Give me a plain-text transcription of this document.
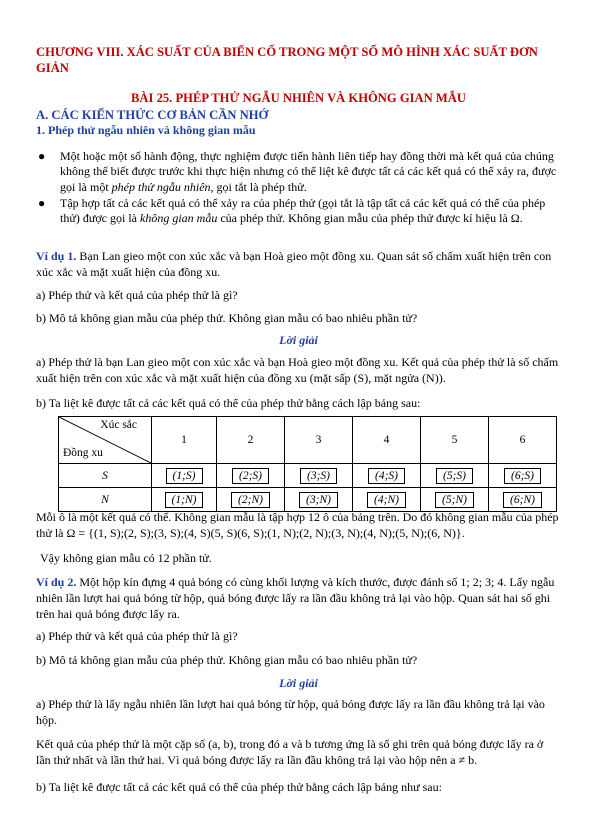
CHƯƠNG VIII. XÁC SUẤT CỦA BIẾN CỐ TRONG MỘT SỐ MÔ HÌNH XÁC SUẤT ĐƠN GIẢN

BÀI 25. PHÉP THỬ NGẪU NHIÊN VÀ KHÔNG GIAN MẪU

A. CÁC KIẾN THỨC CƠ BẢN CẦN NHỚ

1. Phép thử ngẫu nhiên và không gian mẫu

● Một hoặc một số hành động, thực nghiệm được tiến hành liên tiếp hay đồng thời mà kết quả của chúng không thể biết được trước khi thực hiện nhưng có thể liệt kê được tất cả các kết quả có thể xảy ra, được gọi là một phép thử ngẫu nhiên, gọi tắt là phép thử.
● Tập hợp tất cả các kết quả có thể xảy ra của phép thử (gọi tắt là tập tất cả các kết quả có thể của phép thử) được gọi là không gian mẫu của phép thử. Không gian mẫu của phép thử được kí hiệu là Ω.

Ví dụ 1. Bạn Lan gieo một con xúc xắc và bạn Hoà gieo một đồng xu. Quan sát số chấm xuất hiện trên con xúc xắc và mặt xuất hiện của đồng xu.

a) Phép thử và kết quả của phép thử là gì?

b) Mô tả không gian mẫu của phép thử. Không gian mẫu có bao nhiêu phần tử?

Lời giải

a) Phép thử là bạn Lan gieo một con xúc xắc và bạn Hoà gieo một đồng xu. Kết quả của phép thử là số chấm xuất hiện trên con xúc xắc và mặt xuất hiện của đồng xu (mặt sấp (S), mặt ngửa (N)).

b) Ta liệt kê được tất cả các kết quả có thể của phép thử bằng cách lập bảng sau:

Xúc sắc
Đồng xu	1	2	3	4	5	6
S	(1;S)	(2;S)	(3;S)	(4;S)	(5;S)	(6;S)
N	(1;N)	(2;N)	(3;N)	(4;N)	(5;N)	(6;N)

Mỗi ô là một kết quả có thể. Không gian mẫu là tập hợp 12 ô của bảng trên. Do đó không gian mẫu của phép thử là Ω = {(1, S);(2, S);(3, S);(4, S)(5, S)(6, S);(1, N);(2, N);(3, N);(4, N);(5, N);(6, N)}.

Vậy không gian mẫu có 12 phần tử.

Ví dụ 2. Một hộp kín đựng 4 quả bóng có cùng khối lượng và kích thước, được đánh số 1; 2; 3; 4. Lấy ngẫu nhiên lần lượt hai quả bóng từ hộp, quả bóng được lấy ra lần đầu không trả lại vào hộp. Quan sát hai số ghi trên hai quả bóng được lấy ra.

a) Phép thử và kết quả của phép thử là gì?

b) Mô tả không gian mẫu của phép thử. Không gian mẫu có bao nhiêu phần tử?

Lời giải

a) Phép thử là lấy ngẫu nhiên lần lượt hai quả bóng từ hộp, quả bóng được lấy ra lần đầu không trả lại vào hộp.

Kết quả của phép thử là một cặp số (a, b), trong đó a và b tương ứng là số ghi trên quả bóng được lấy ra ở lần thứ nhất và lần thứ hai. Vì quả bóng được lấy ra lần đầu không trả lại vào hộp nên a ≠ b.

b) Ta liệt kê được tất cả các kết quả có thể của phép thử bằng cách lập bảng như sau:
